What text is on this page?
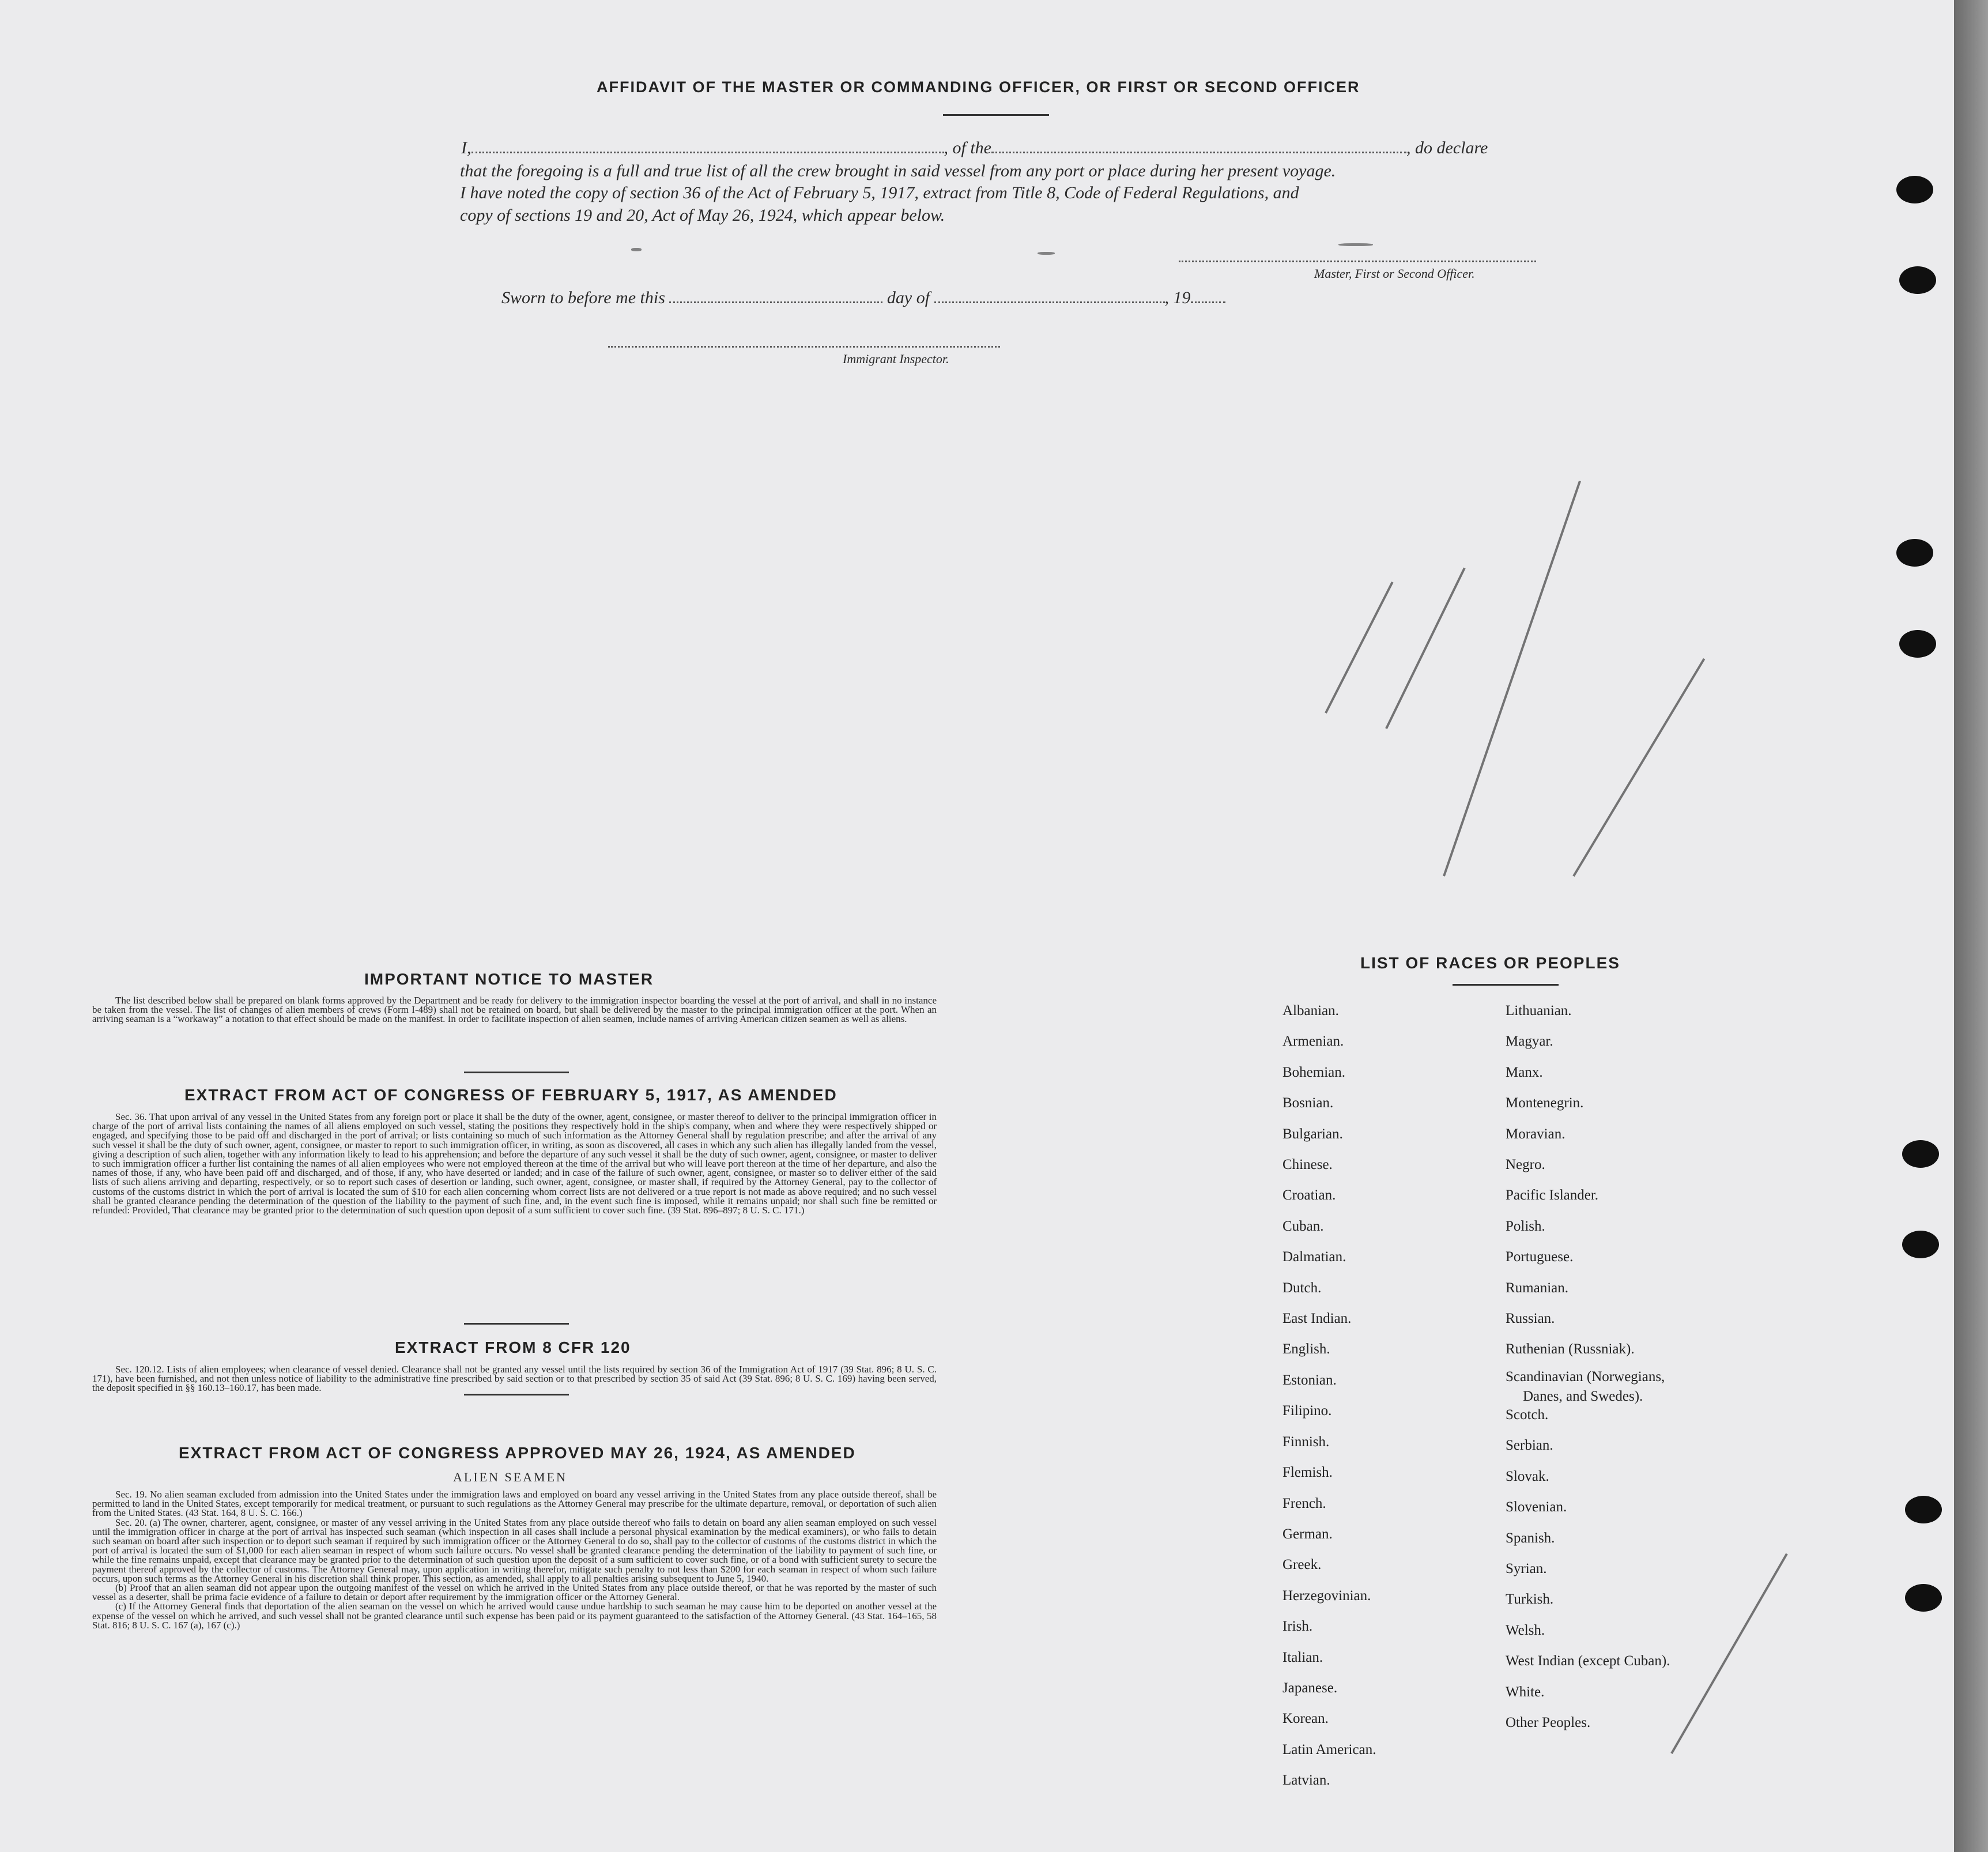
AFFIDAVIT OF THE MASTER OR COMMANDING OFFICER, OR FIRST OR SECOND OFFICER
I,	, of the	, do declare
that the foregoing is a full and true list of all the crew brought in said vessel from any port or place during her present voyage.
I have noted the copy of section 36 of the Act of February 5, 1917, extract from Title 8, Code of Federal Regulations, and
copy of sections 19 and 20, Act of May 26, 1924, which appear below.
Master, First or Second Officer.
Sworn to before me this	day of	, 19
Immigrant Inspector.
IMPORTANT NOTICE TO MASTER

The list described below shall be prepared on blank forms approved by the Department and be ready for delivery to the immigration inspector boarding the vessel at the port of arrival, and shall in no instance be taken from the vessel. The list of changes of alien members of crews (Form I-489) shall not be retained on board, but shall be delivered by the master to the principal immigration officer at the port. When an arriving seaman is a “workaway” a notation to that effect should be made on the manifest. In order to facilitate inspection of alien seamen, include names of arriving American citizen seamen as well as aliens.

EXTRACT FROM ACT OF CONGRESS OF FEBRUARY 5, 1917, AS AMENDED

Sec. 36. That upon arrival of any vessel in the United States from any foreign port or place it shall be the duty of the owner, agent, consignee, or master thereof to deliver to the principal immigration officer in charge of the port of arrival lists containing the names of all aliens employed on such vessel, stating the positions they respectively hold in the ship's company, when and where they were respectively shipped or engaged, and specifying those to be paid off and discharged in the port of arrival; or lists containing so much of such information as the Attorney General shall by regulation prescribe; and after the arrival of any such vessel it shall be the duty of such owner, agent, consignee, or master to report to such immigration officer, in writing, as soon as discovered, all cases in which any such alien has illegally landed from the vessel, giving a description of such alien, together with any information likely to lead to his apprehension; and before the departure of any such vessel it shall be the duty of such owner, agent, consignee, or master to deliver to such immigration officer a further list containing the names of all alien employees who were not employed thereon at the time of the arrival but who will leave port thereon at the time of her departure, and also the names of those, if any, who have been paid off and discharged, and of those, if any, who have deserted or landed; and in case of the failure of such owner, agent, consignee, or master so to deliver either of the said lists of such aliens arriving and departing, respectively, or so to report such cases of desertion or landing, such owner, agent, consignee, or master shall, if required by the Attorney General, pay to the collector of customs of the customs district in which the port of arrival is located the sum of $10 for each alien concerning whom correct lists are not delivered or a true report is not made as above required; and no such vessel shall be granted clearance pending the determination of the question of the liability to the payment of such fine, and, in the event such fine is imposed, while it remains unpaid; nor shall such fine be remitted or refunded: Provided, That clearance may be granted prior to the determination of such question upon deposit of a sum sufficient to cover such fine. (39 Stat. 896–897; 8 U. S. C. 171.)

EXTRACT FROM 8 CFR 120

Sec. 120.12. Lists of alien employees; when clearance of vessel denied. Clearance shall not be granted any vessel until the lists required by section 36 of the Immigration Act of 1917 (39 Stat. 896; 8 U. S. C. 171), have been furnished, and not then unless notice of liability to the administrative fine prescribed by said section or to that prescribed by section 35 of said Act (39 Stat. 896; 8 U. S. C. 169) having been served, the deposit specified in §§ 160.13–160.17, has been made.

EXTRACT FROM ACT OF CONGRESS APPROVED MAY 26, 1924, AS AMENDED
ALIEN SEAMEN

Sec. 19. No alien seaman excluded from admission into the United States under the immigration laws and employed on board any vessel arriving in the United States from any place outside thereof, shall be permitted to land in the United States, except temporarily for medical treatment, or pursuant to such regulations as the Attorney General may prescribe for the ultimate departure, removal, or deportation of such alien from the United States. (43 Stat. 164, 8 U. S. C. 166.)

Sec. 20. (a) The owner, charterer, agent, consignee, or master of any vessel arriving in the United States from any place outside thereof who fails to detain on board any alien seaman employed on such vessel until the immigration officer in charge at the port of arrival has inspected such seaman (which inspection in all cases shall include a personal physical examination by the medical examiners), or who fails to detain such seaman on board after such inspection or to deport such seaman if required by such immigration officer or the Attorney General to do so, shall pay to the collector of customs of the customs district in which the port of arrival is located the sum of $1,000 for each alien seaman in respect of whom such failure occurs. No vessel shall be granted clearance pending the determination of the liability to payment of such fine, or while the fine remains unpaid, except that clearance may be granted prior to the determination of such question upon the deposit of a sum sufficient to cover such fine, or of a bond with sufficient surety to secure the payment thereof approved by the collector of customs. The Attorney General may, upon application in writing therefor, mitigate such penalty to not less than $200 for each seaman in respect of whom such failure occurs, upon such terms as the Attorney General in his discretion shall think proper. This section, as amended, shall apply to all penalties arising subsequent to June 5, 1940.

(b) Proof that an alien seaman did not appear upon the outgoing manifest of the vessel on which he arrived in the United States from any place outside thereof, or that he was reported by the master of such vessel as a deserter, shall be prima facie evidence of a failure to detain or deport after requirement by the immigration officer or the Attorney General.

(c) If the Attorney General finds that deportation of the alien seaman on the vessel on which he arrived would cause undue hardship to such seaman he may cause him to be deported on another vessel at the expense of the vessel on which he arrived, and such vessel shall not be granted clearance until such expense has been paid or its payment guaranteed to the satisfaction of the Attorney General. (43 Stat. 164–165, 58 Stat. 816; 8 U. S. C. 167 (a), 167 (c).)

LIST OF RACES OR PEOPLES
Albanian.
Armenian.
Bohemian.
Bosnian.
Bulgarian.
Chinese.
Croatian.
Cuban.
Dalmatian.
Dutch.
East Indian.
English.
Estonian.
Filipino.
Finnish.
Flemish.
French.
German.
Greek.
Herzegovinian.
Irish.
Italian.
Japanese.
Korean.
Latin American.
Latvian.
Lithuanian.
Magyar.
Manx.
Montenegrin.
Moravian.
Negro.
Pacific Islander.
Polish.
Portuguese.
Rumanian.
Russian.
Ruthenian (Russniak).
Scandinavian (Norwegians,
Danes, and Swedes).
Scotch.
Serbian.
Slovak.
Slovenian.
Spanish.
Syrian.
Turkish.
Welsh.
West Indian (except Cuban).
White.
Other Peoples.
